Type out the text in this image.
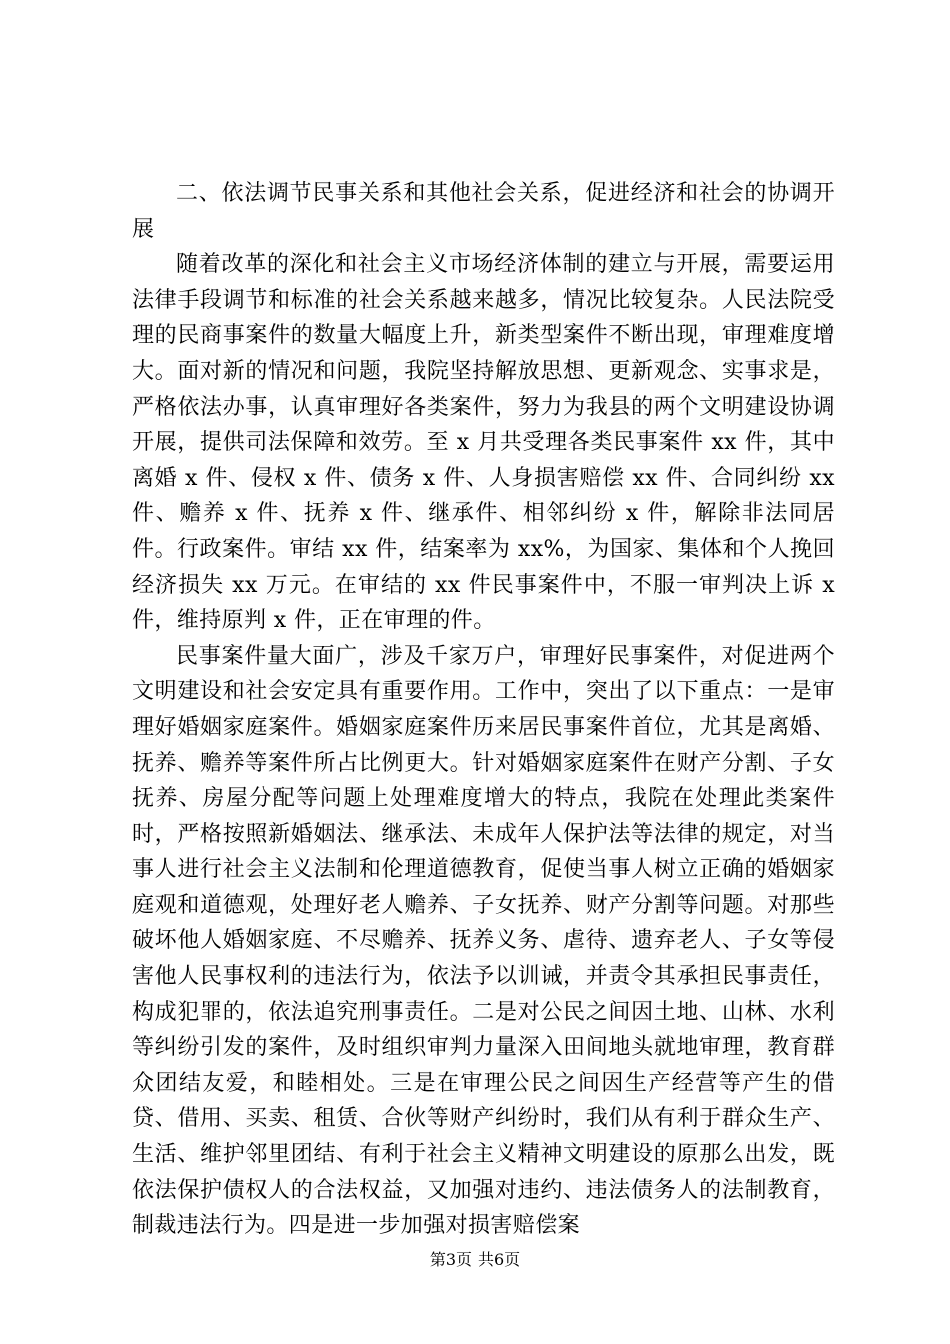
二、依法调节民事关系和其他社会关系，促进经济和社会的协调开展

随着改革的深化和社会主义市场经济体制的建立与开展，需要运用法律手段调节和标准的社会关系越来越多，情况比较复杂。人民法院受理的民商事案件的数量大幅度上升，新类型案件不断出现，审理难度增大。面对新的情况和问题，我院坚持解放思想、更新观念、实事求是，严格依法办事，认真审理好各类案件，努力为我县的两个文明建设协调开展，提供司法保障和效劳。至 x 月共受理各类民事案件 xx 件，其中离婚 x 件、侵权 x 件、债务 x 件、人身损害赔偿 xx 件、合同纠纷 xx 件、赡养 x 件、抚养 x 件、继承件、相邻纠纷 x 件，解除非法同居件。行政案件。审结 xx 件，结案率为 xx%，为国家、集体和个人挽回经济损失 xx 万元。在审结的 xx 件民事案件中，不服一审判决上诉 x 件，维持原判 x 件，正在审理的件。

民事案件量大面广，涉及千家万户，审理好民事案件，对促进两个文明建设和社会安定具有重要作用。工作中，突出了以下重点：一是审理好婚姻家庭案件。婚姻家庭案件历来居民事案件首位，尤其是离婚、抚养、赡养等案件所占比例更大。针对婚姻家庭案件在财产分割、子女抚养、房屋分配等问题上处理难度增大的特点，我院在处理此类案件时，严格按照新婚姻法、继承法、未成年人保护法等法律的规定，对当事人进行社会主义法制和伦理道德教育，促使当事人树立正确的婚姻家庭观和道德观，处理好老人赡养、子女抚养、财产分割等问题。对那些破坏他人婚姻家庭、不尽赡养、抚养义务、虐待、遗弃老人、子女等侵害他人民事权利的违法行为，依法予以训诫，并责令其承担民事责任，构成犯罪的，依法追究刑事责任。二是对公民之间因土地、山林、水利等纠纷引发的案件，及时组织审判力量深入田间地头就地审理，教育群众团结友爱，和睦相处。三是在审理公民之间因生产经营等产生的借贷、借用、买卖、租赁、合伙等财产纠纷时，我们从有利于群众生产、生活、维护邻里团结、有利于社会主义精神文明建设的原那么出发，既依法保护债权人的合法权益，又加强对违约、违法债务人的法制教育，制裁违法行为。四是进一步加强对损害赔偿案

第3页 共6页
